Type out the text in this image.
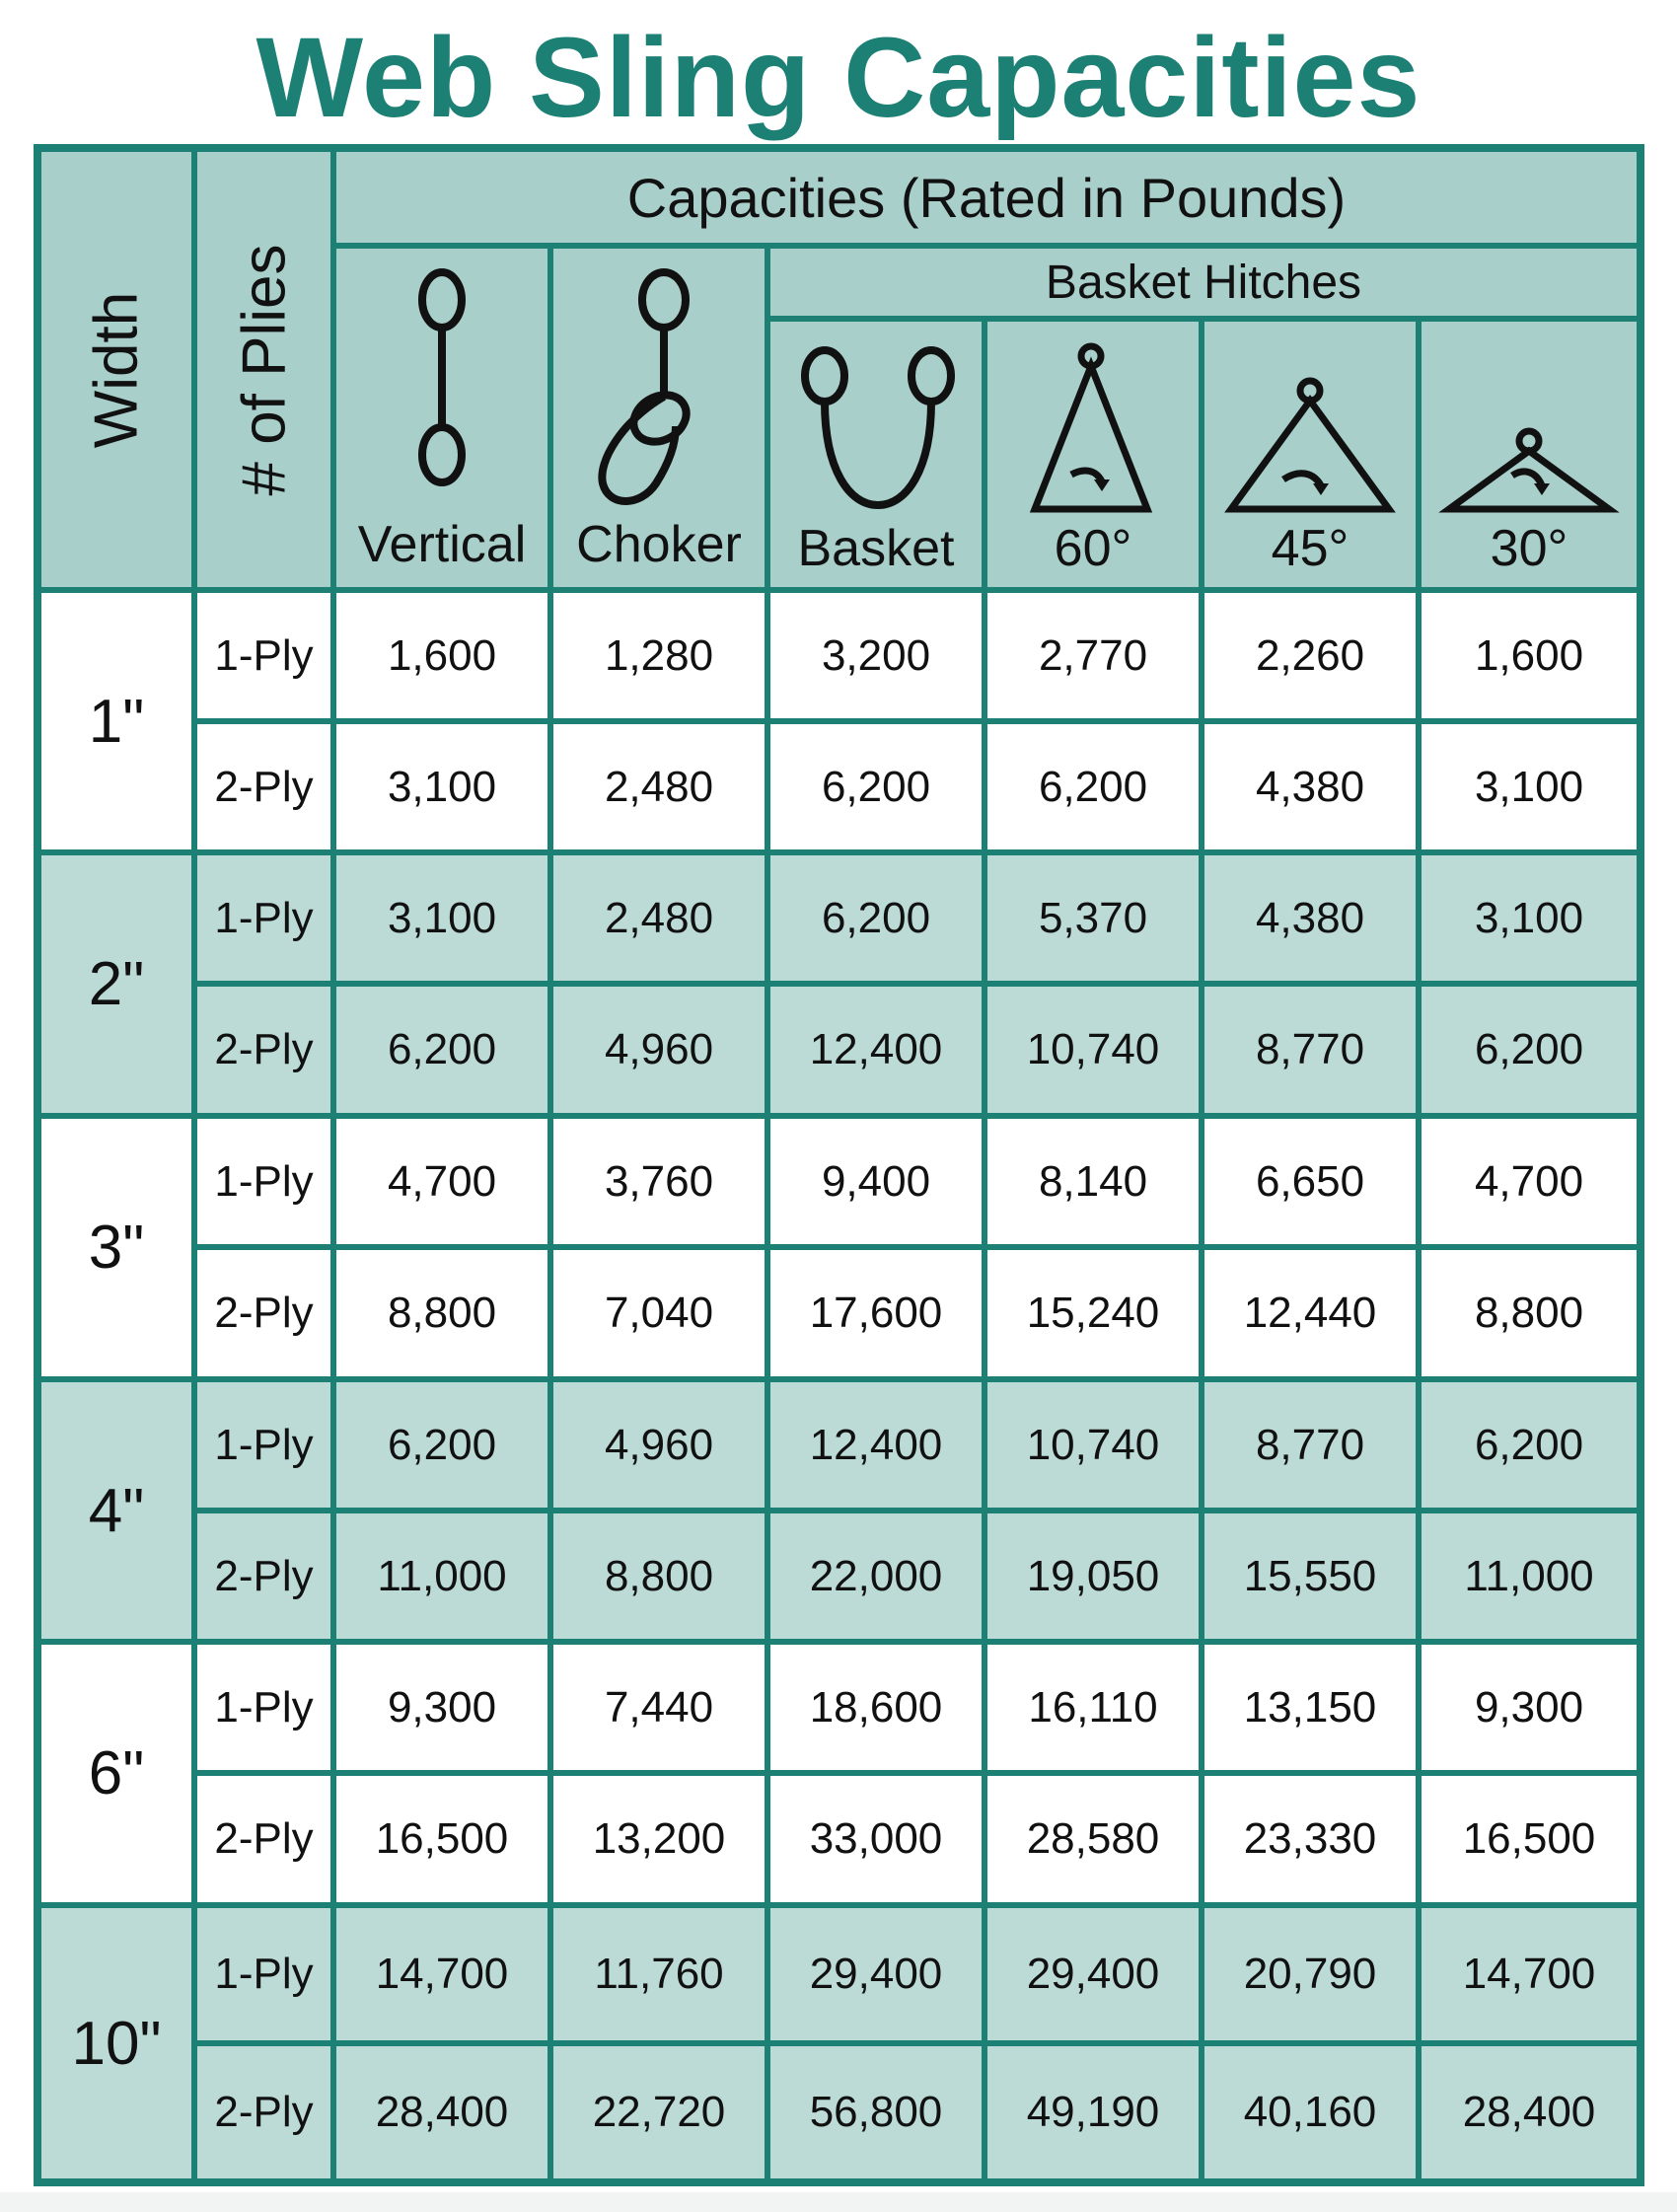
Web Sling Capacities
Width # of Plies
Capacities (Rated in Pounds)
Basket Hitches
Vertical Choker	Basket	60°	45°	30°
1"
1-Ply 1,600 1,280 3,200 2,770 2,260	1,600
2-Ply 3,100 2,480 6,200 6,200 4,380	3,100
2"
1-Ply 3,100 2,480 6,200 5,370 4,380	3,100
2-Ply 6,200 4,960 12,400 10,740 8,770	6,200
3"
1-Ply 4,700 3,760 9,400 8,140 6,650	4,700
2-Ply 8,800 7,040 17,600 15,240 12,440 8,800
4"
1-Ply 6,200 4,960 12,400 10,740 8,770	6,200
2-Ply 11,000 8,800 22,000 19,050 15,550 11,000
6"
1-Ply 9,300 7,440 18,600 16,110 13,150 9,300
2-Ply 16,500 13,200 33,000 28,580 23,330 16,500
10"
1-Ply 14,700 11,760 29,400 29,400 20,790 14,700
2-Ply 28,400 22,720 56,800 49,190 40,160 28,400
